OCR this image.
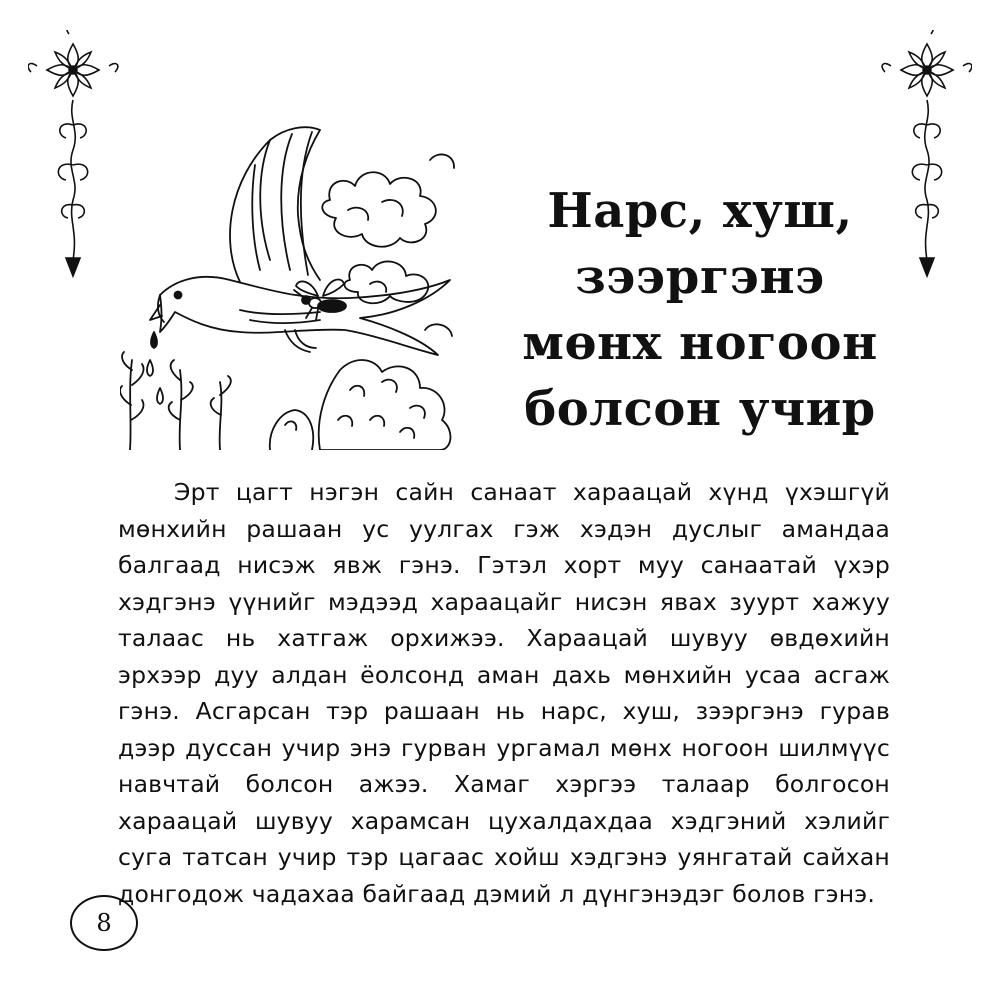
Нарс, хуш,
зээргэнэ
мөнх ногоон
болсон учир

Эрт цагт нэгэн сайн санаат хараацай хүнд үхэшгүй мөнхийн рашаан ус уулгах гэж хэдэн дуслыг амандаа балгаад нисэж явж гэнэ. Гэтэл хорт муу санаатай үхэр хэдгэнэ үүнийг мэдээд хараацайг нисэн явах зуурт хажуу талаас нь хатгаж орхижээ. Хараацай шувуу өвдөхийн эрхээр дуу алдан ёолсонд аман дахь мөнхийн усаа асгаж гэнэ. Асгарсан тэр рашаан нь нарс, хуш, зээргэнэ гурав дээр дуссан учир энэ гурван ургамал мөнх ногоон шилмүүс навчтай болсон ажээ. Хамаг хэргээ талаар болгосон хараацай шувуу харамсан цухалдахдаа хэдгэний хэлийг суга татсан учир тэр цагаас хойш хэдгэнэ уянгатай сайхан донгодож чадахаа байгаад дэмий л дүнгэнэдэг болов гэнэ.

8
